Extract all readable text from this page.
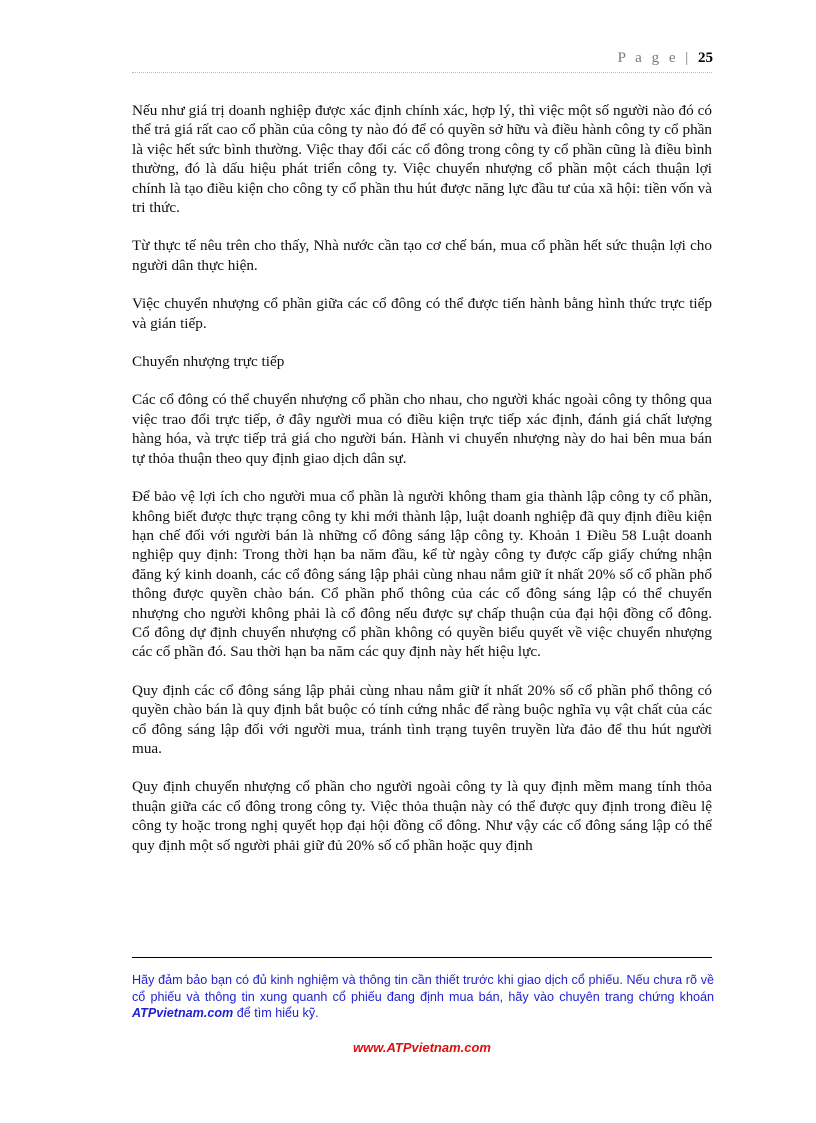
P a g e | 25

Nếu như giá trị doanh nghiệp được xác định chính xác, hợp lý, thì việc một số người nào đó có thể trả giá rất cao cổ phần của công ty nào đó để có quyền sở hữu và điều hành công ty cổ phần là việc hết sức bình thường. Việc thay đổi các cổ đông trong công ty cổ phần cũng là điều bình thường, đó là dấu hiệu phát triển công ty. Việc chuyển nhượng cổ phần một cách thuận lợi chính là tạo điều kiện cho công ty cổ phần thu hút được năng lực đầu tư của xã hội: tiền vốn và tri thức.

Từ thực tế nêu trên cho thấy, Nhà nước cần tạo cơ chế bán, mua cổ phần hết sức thuận lợi cho người dân thực hiện.

Việc chuyển nhượng cổ phần giữa các cổ đông có thể được tiến hành bằng hình thức trực tiếp và gián tiếp.

Chuyển nhượng trực tiếp

Các cổ đông có thể chuyển nhượng cổ phần cho nhau, cho người khác ngoài công ty thông qua việc trao đổi trực tiếp, ở đây người mua có điều kiện trực tiếp xác định, đánh giá chất lượng hàng hóa, và trực tiếp trả giá cho người bán. Hành vi chuyển nhượng này do hai bên mua bán tự thỏa thuận theo quy định giao dịch dân sự.

Để bảo vệ lợi ích cho người mua cổ phần là người không tham gia thành lập công ty cổ phần, không biết được thực trạng công ty khi mới thành lập, luật doanh nghiệp đã quy định điều kiện hạn chế đối với người bán là những cổ đông sáng lập công ty. Khoản 1 Điều 58 Luật doanh nghiệp quy định: Trong thời hạn ba năm đầu, kể từ ngày công ty được cấp giấy chứng nhận đăng ký kinh doanh, các cổ đông sáng lập phải cùng nhau nắm giữ ít nhất 20% số cổ phần phổ thông được quyền chào bán. Cổ phần phổ thông của các cổ đông sáng lập có thể chuyển nhượng cho người không phải là cổ đông nếu được sự chấp thuận của đại hội đồng cổ đông. Cổ đông dự định chuyển nhượng cổ phần không có quyền biểu quyết về việc chuyển nhượng các cổ phần đó. Sau thời hạn ba năm các quy định này hết hiệu lực.

Quy định các cổ đông sáng lập phải cùng nhau nắm giữ ít nhất 20% số cổ phần phổ thông có quyền chào bán là quy định bắt buộc có tính cứng nhắc để ràng buộc nghĩa vụ vật chất của các cổ đông sáng lập đối với người mua, tránh tình trạng tuyên truyền lừa đảo để thu hút người mua.

Quy định chuyển nhượng cổ phần cho người ngoài công ty là quy định mềm mang tính thỏa thuận giữa các cổ đông trong công ty. Việc thỏa thuận này có thể được quy định trong điều lệ công ty hoặc trong nghị quyết họp đại hội đồng cổ đông. Như vậy các cổ đông sáng lập có thể quy định một số người phải giữ đủ 20% số cổ phần hoặc quy định

Hãy đảm bảo bạn có đủ kinh nghiệm và thông tin cần thiết trước khi giao dịch cổ phiếu. Nếu chưa rõ về cổ phiếu và thông tin xung quanh cổ phiếu đang định mua bán, hãy vào chuyên trang chứng khoán ATPvietnam.com để tìm hiểu kỹ.
www.ATPvietnam.com
